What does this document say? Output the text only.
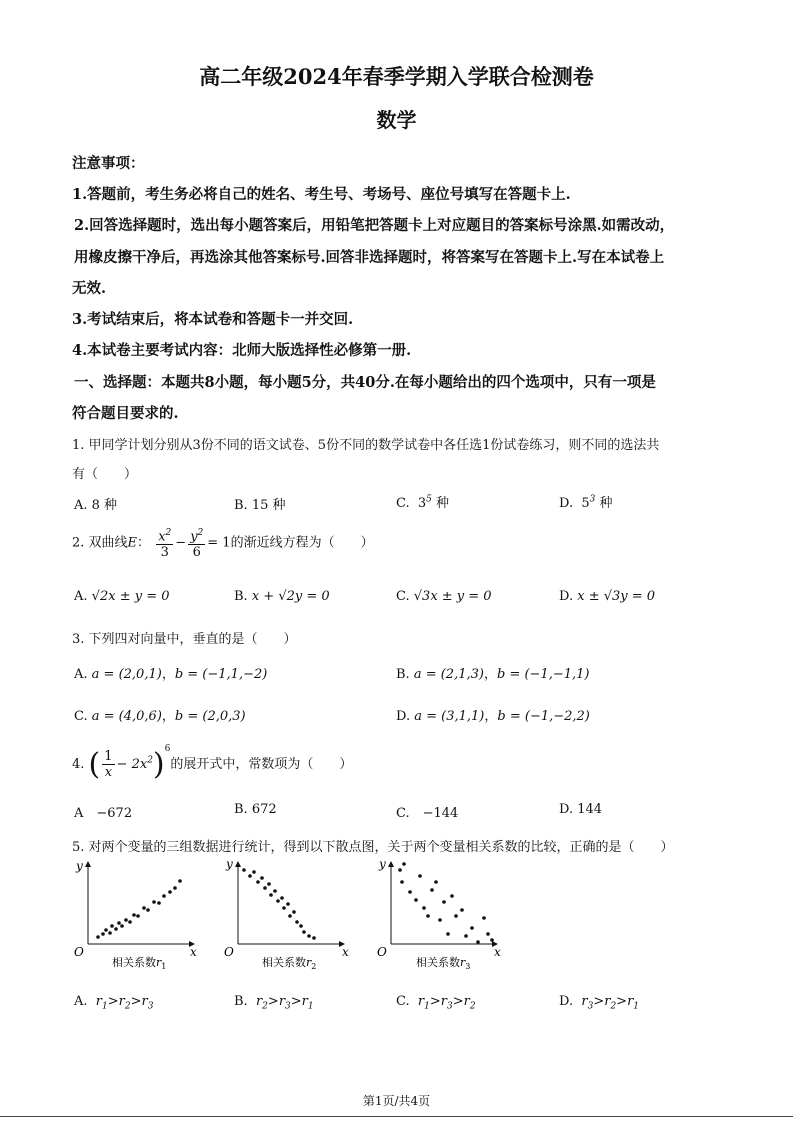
高二年级2024年春季学期入学联合检测卷
数学
注意事项：
1.答题前，考生务必将自己的姓名、考生号、考场号、座位号填写在答题卡上.
2.回答选择题时，选出每小题答案后，用铅笔把答题卡上对应题目的答案标号涂黑.如需改动，
用橡皮擦干净后，再选涂其他答案标号.回答非选择题时，将答案写在答题卡上.写在本试卷上
无效.
3.考试结束后，将本试卷和答题卡一并交回.
4.本试卷主要考试内容：北师大版选择性必修第一册.
一、选择题：本题共8小题，每小题5分，共40分.在每小题给出的四个选项中，只有一项是
符合题目要求的.
1. 甲同学计划分别从3份不同的语文试卷、5份不同的数学试卷中各任选1份试卷练习，则不同的选法共
有（　　）
A. 8 种	B. 15 种	C. $3^5$ 种	D. $5^3$ 种
2. 双曲线E： $\frac{x^2}{3} - \frac{y^2}{6} = 1$的渐近线方程为（　　）
A. √2x ± y = 0	B. x + √2y = 0	C. √3x ± y = 0	D. x ± √3y = 0
3. 下列四对向量中，垂直的是（　　）
A. a = (2,0,1)，b = (−1,1,−2)	B. a = (2,1,3)，b = (−1,−1,1)
C. a = (4,0,6)，b = (2,0,3)	D. a = (3,1,1)，b = (−1,−2,2)
4. ( $\frac{1}{x} - 2x^2)^6$的展开式中，常数项为（　　）
A　−672	B. 672	C.　−144	D. 144
5. 对两个变量的三组数据进行统计，得到以下散点图，关于两个变量相关系数的比较，正确的是（　　）
y
x
O
相关系数$r_1$
y
x
O
相关系数$r_2$
y
x
O
相关系数$r_3$
A. $r_1>r_2>r_3$	B. $r_2>r_3>r_1$	C. $r_1>r_3>r_2$	D. $r_3>r_2>r_1$
第1页/共4页
